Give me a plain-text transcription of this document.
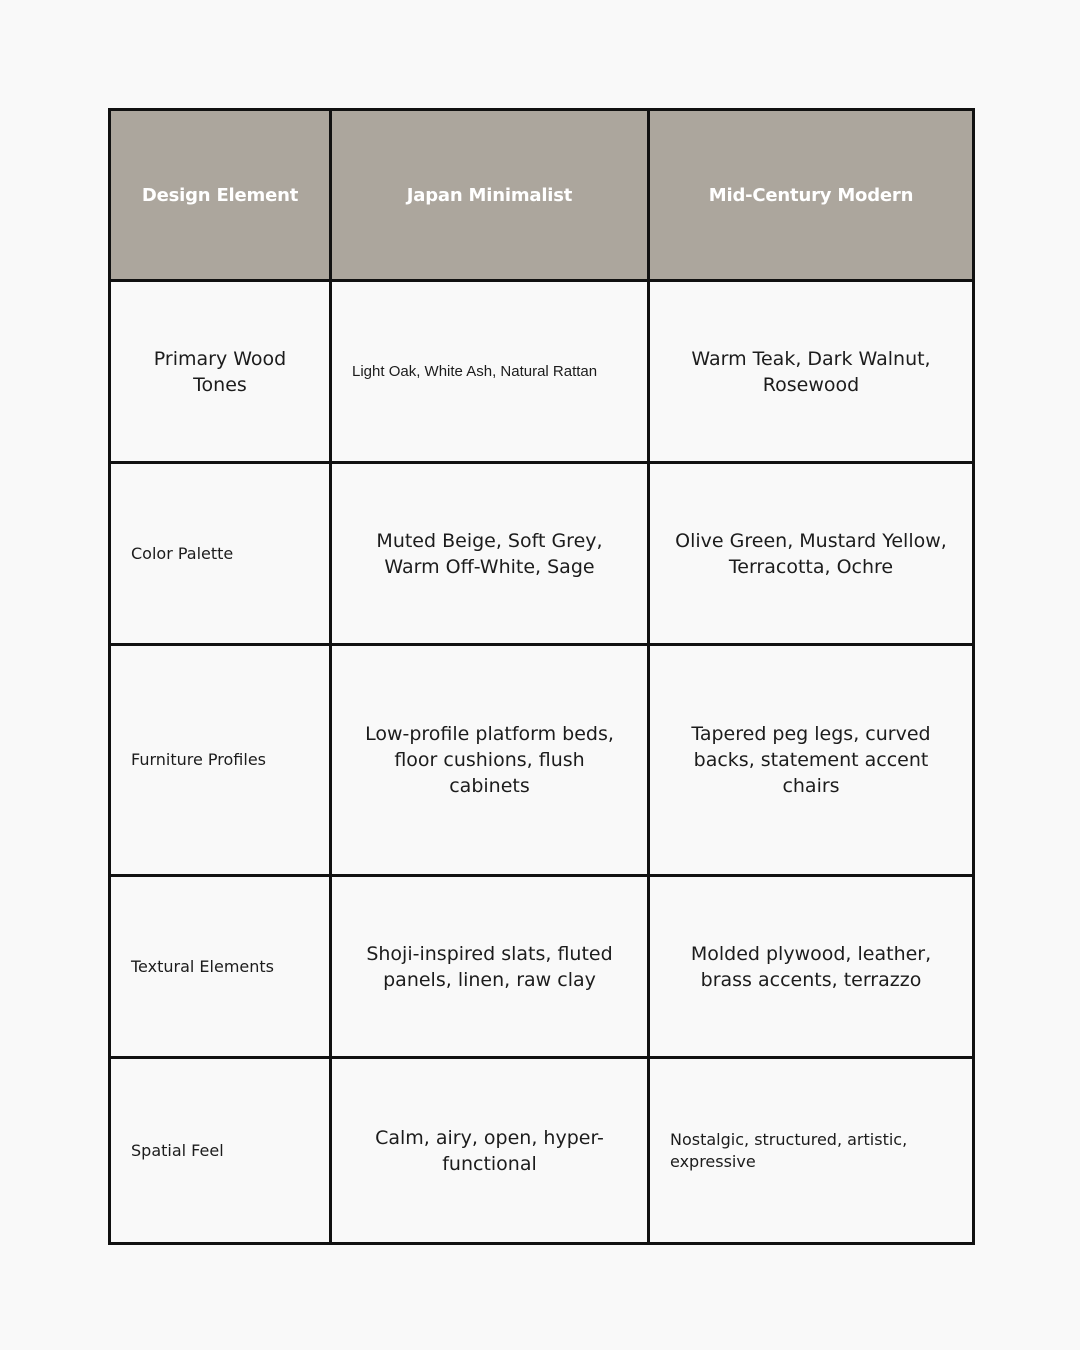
Design Element	Japan Minimalist	Mid-Century Modern
Primary Wood Tones	Light Oak, White Ash, Natural Rattan	Warm Teak, Dark Walnut, Rosewood
Color Palette	Muted Beige, Soft Grey, Warm Off-White, Sage	Olive Green, Mustard Yellow, Terracotta, Ochre
Furniture Profiles	Low-profile platform beds, floor cushions, flush cabinets	Tapered peg legs, curved backs, statement accent chairs
Textural Elements	Shoji-inspired slats, fluted panels, linen, raw clay	Molded plywood, leather, brass accents, terrazzo
Spatial Feel	Calm, airy, open, hyper-functional	Nostalgic, structured, artistic, expressive
